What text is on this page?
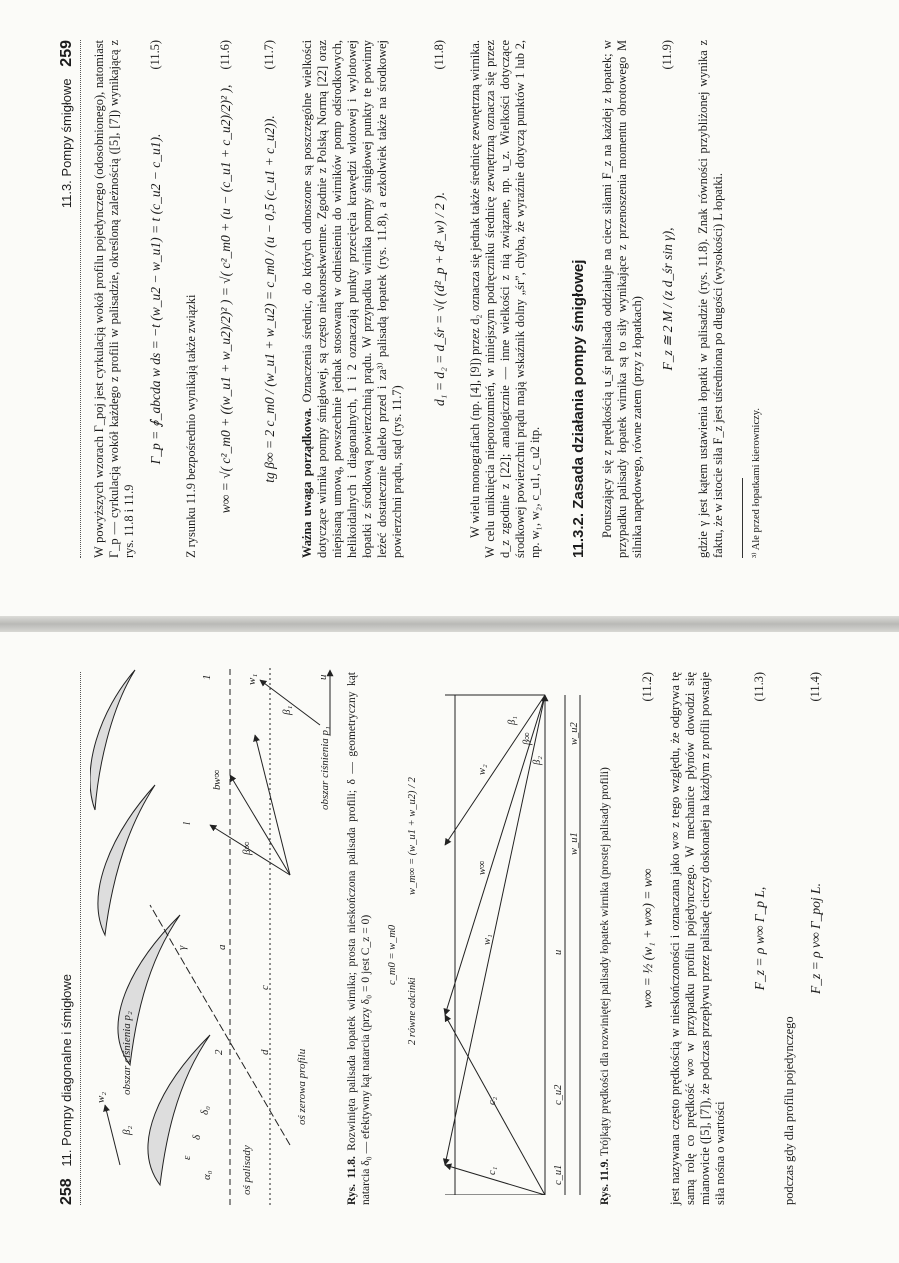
258 11. Pompy diagonalne i śmigłowe	w₂
β₂
obszar ciśnienia p₂
w₁
β₁
u
obszar ciśnienia p₁
w∞
β∞
γ
l
b
1
2
a
c
d
oś palisady
oś zerowa profilu
α₀
δ
ε
δ₀
Rys. 11.8. Rozwinięta palisada łopatek wirnika; prosta nieskończona palisada profili; δ — geometryczny kąt natarcia δ₀ — efektywny kąt natarcia (przy δ₀ = 0 jest C_z = 0) c_m0 = w_m0
w_m∞ = (w_u1 + w_u2) / 2
2 równe odcinki
c₁
c₂
w₁
w∞
w₂
β₁
β∞
β₂
c_u1
c_u2
u
w_u1
w_u2
Rys. 11.9. Trójkąty prędkości dla rozwiniętej palisady łopatek wirnika (prostej palisady profili) w∞ = ½ (w₁ + w∞) = w∞
(11.2) jest nazywana często prędkością w nieskończoności i oznaczana jako w∞ z tego względu, że odgrywa tę samą rolę co prędkość w∞ w przypadku profilu pojedynczego. W mechanice płynów dowodzi się mianowicie ([5], [7]), że podczas przepływu przez palisadę cieczy doskonałej na każdym z profili powstaje siła nośna o wartości

F_z = ρ w∞ Γ_p L,
(11.3)

podczas gdy dla profilu pojedynczego

F_z = ρ v∞ Γ_poj L.
(11.4)
11.3. Pompy śmigłowe 259	W powyższych wzorach Γ_poj jest cyrkulacją wokół profilu pojedynczego (odosobnionego), natomiast Γ_p — cyrkulacją wokół każdego z profili w palisadzie, określoną zależnością ([5], [7]) wynikającą z rys. 11.8 i 11.9

Γ_p = ∮_abcda w ds = −t (w_u2 − w_u1) = t (c_u2 − c_u1).
(11.5)

Z rysunku 11.9 bezpośrednio wynikają także związki w∞ = √( c²_m0 + ((w_u1 + w_u2)/2)² ) = √( c²_m0 + (u − (c_u1 + c_u2)/2)² ),
(11.6)
tg β∞ = 2 c_m0 / (w_u1 + w_u2) = c_m0 / (u − 0,5 (c_u1 + c_u2)).
(11.7)

Ważna uwaga porządkowa. Oznaczenia średnic, do których odnoszone są poszczególne wielkości dotyczące wirnika pompy śmigłowej, są często niekonsekwentne. Zgodnie z Polską Normą [22] oraz niepisaną umową, powszechnie jednak stosowaną w odniesieniu do wirników pomp odśrodkowych, helikoidalnych i diagonalnych, 1 i 2 oznaczają punkty przecięcia krawędzi wlotowej i wylotowej łopatki z środkową powierzchnią prądu. W przypadku wirnika pompy śmigłowej punkty te powinny leżeć dostatecznie daleko przed i za³⁾ palisadą łopatek (rys. 11.8), a ezkolwiek także na środkowej powierzchni prądu, stąd (rys. 11.7)

d₁ = d₂ = d_śr = √( (d²_p + d²_w) / 2 ).
(11.8) W wielu monografiach (np. [4], [9]) przez d₂ oznacza się jednak także średnicę zewnętrzną wirnika. W celu uniknięcia nieporozumień, w niniejszym podręczniku średnicę zewnętrzną oznacza się przez d_z zgodnie z [22]; analogicznie — inne wielkości z nią związane, np. u_z. Wielkości dotyczące środkowej powierzchni prądu mają wskaźnik dolny „śr”, chyba, że wyraźnie dotyczą punktów 1 lub 2, np. w₁, w₂, c_u1, c_u2 itp. 11.3.2. Zasada działania pompy śmigłowej Poruszający się z prędkością u_śr palisada oddziałuje na ciecz siłami F_z na każdej z łopatek; w przypadku palisady łopatek wirnika są to siły wynikające z przenoszenia momentu obrotowego M silnika napędowego, równe zatem (przy z łopatkach) F_z ≅ 2 M / (z d_śr sin γ),
(11.9) gdzie γ jest kątem ustawienia łopatki w palisadzie (rys. 11.8). Znak równości przybliżonej wynika z faktu, że w istocie siła F_z jest uśredniona po długości (wysokości) L łopatki. ³⁾ Ale przed łopatkami kierowniczy.
